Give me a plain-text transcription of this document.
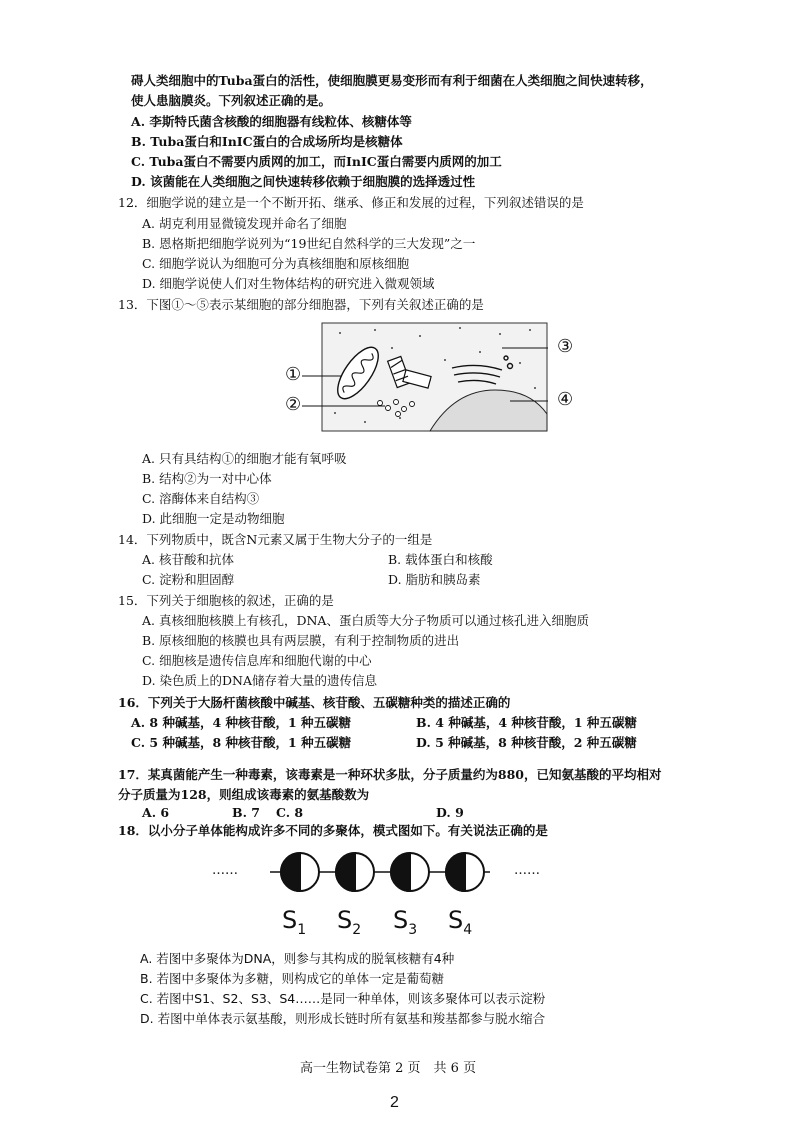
碍人类细胞中的Tuba蛋白的活性，使细胞膜更易变形而有利于细菌在人类细胞之间快速转移，
使人患脑膜炎。下列叙述正确的是。
A. 李斯特氏菌含核酸的细胞器有线粒体、核糖体等
B. Tuba蛋白和InIC蛋白的合成场所均是核糖体
C. Tuba蛋白不需要内质网的加工，而InIC蛋白需要内质网的加工
D. 该菌能在人类细胞之间快速转移依赖于细胞膜的选择透过性
12．细胞学说的建立是一个不断开拓、继承、修正和发展的过程，下列叙述错误的是
A. 胡克利用显微镜发现并命名了细胞
B. 恩格斯把细胞学说列为“19世纪自然科学的三大发现”之一
C. 细胞学说认为细胞可分为真核细胞和原核细胞
D. 细胞学说使人们对生物体结构的研究进入微观领域
13．下图①～⑤表示某细胞的部分细胞器，下列有关叙述正确的是
①
②
③
④
A. 只有具结构①的细胞才能有氧呼吸
B. 结构②为一对中心体
C. 溶酶体来自结构③
D. 此细胞一定是动物细胞
14．下列物质中，既含N元素又属于生物大分子的一组是
A. 核苷酸和抗体	B. 载体蛋白和核酸
C. 淀粉和胆固醇	D. 脂肪和胰岛素
15．下列关于细胞核的叙述，正确的是
A. 真核细胞核膜上有核孔，DNA、蛋白质等大分子物质可以通过核孔进入细胞质
B. 原核细胞的核膜也具有两层膜，有利于控制物质的进出
C. 细胞核是遗传信息库和细胞代谢的中心
D. 染色质上的DNA储存着大量的遗传信息
16．下列关于大肠杆菌核酸中碱基、核苷酸、五碳糖种类的描述正确的
A. 8 种碱基，4 种核苷酸，1 种五碳糖	B. 4 种碱基，4 种核苷酸，1 种五碳糖
C. 5 种碱基，8 种核苷酸，1 种五碳糖	D. 5 种碱基，8 种核苷酸，2 种五碳糖
17．某真菌能产生一种毒素，该毒素是一种环状多肽，分子质量约为880，已知氨基酸的平均相对
分子质量为128，则组成该毒素的氨基酸数为
A. 6	B. 7 C. 8	D. 9
18．以小分子单体能构成许多不同的多聚体，模式图如下。有关说法正确的是
……	……
$S_1$ $S_2$ $S_3$ $S_4$
A. 若图中多聚体为DNA，则参与其构成的脱氧核糖有4种
B. 若图中多聚体为多糖，则构成它的单体一定是葡萄糖
C. 若图中S1、S2、S3、S4……是同一种单体，则该多聚体可以表示淀粉
D. 若图中单体表示氨基酸，则形成长链时所有氨基和羧基都参与脱水缩合
高一生物试卷第 2 页　共 6 页
2
